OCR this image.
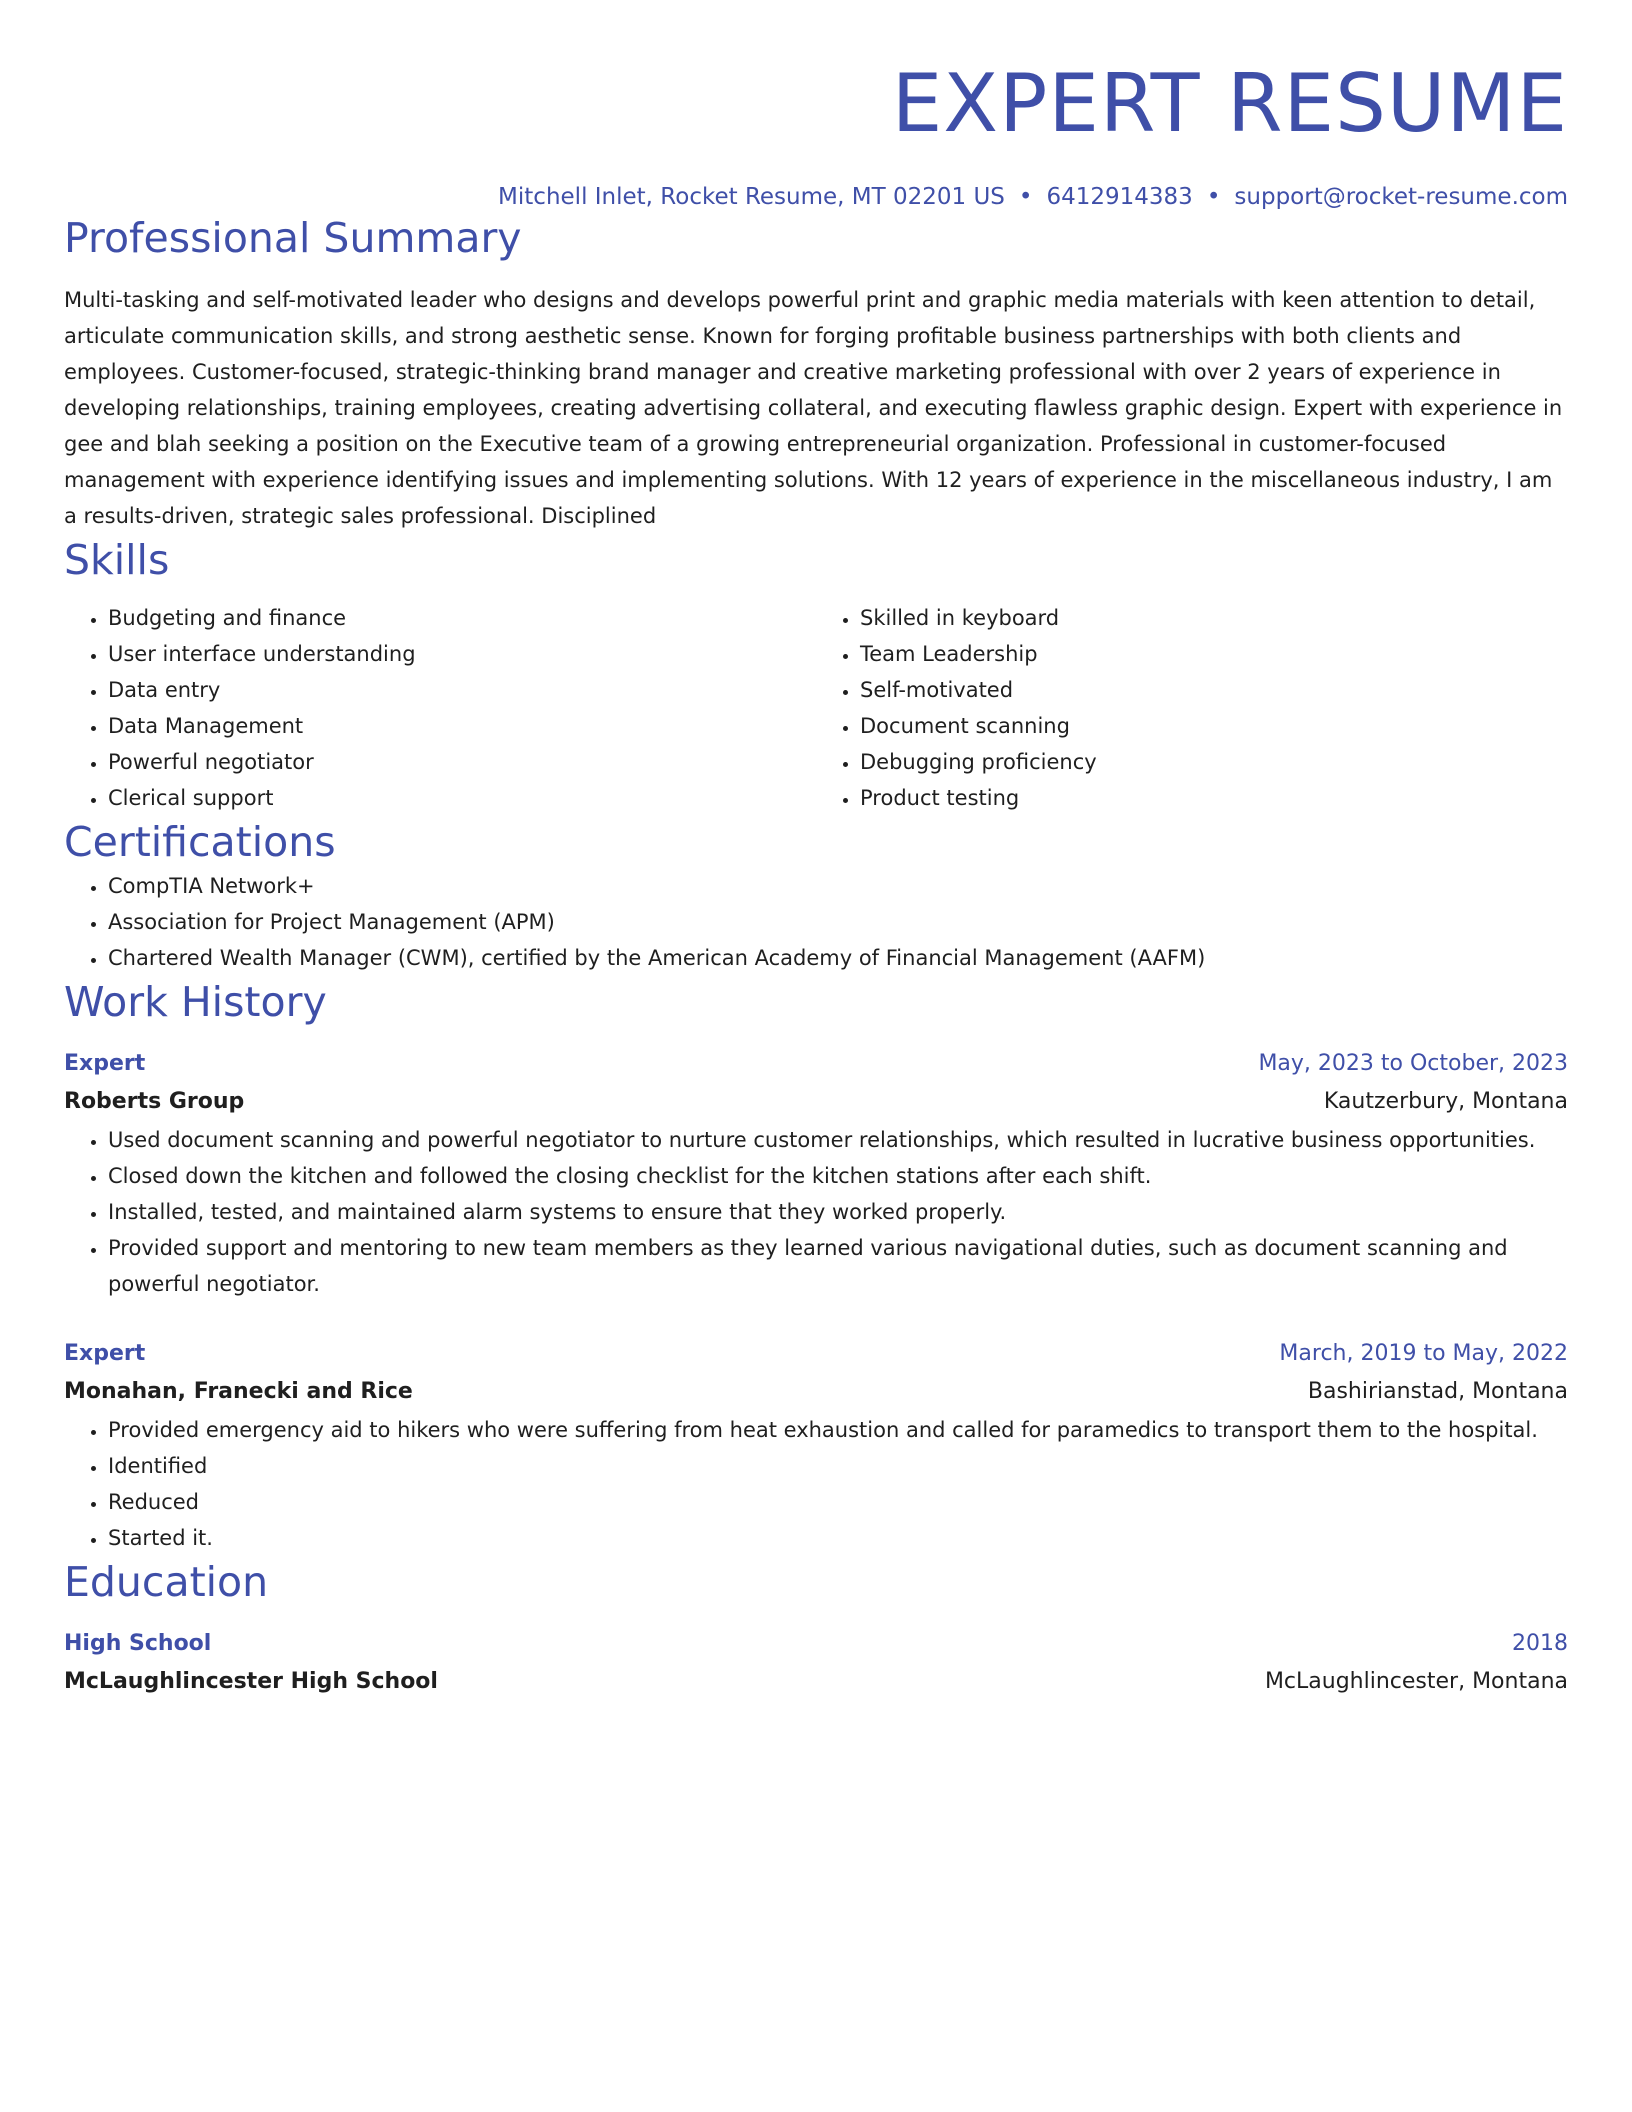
EXPERT RESUME
Mitchell Inlet, Rocket Resume, MT 02201 US • 6412914383 • support@rocket-resume.com
Professional Summary
Multi-tasking and self-motivated leader who designs and develops powerful print and graphic media materials with keen attention to detail, articulate communication skills, and strong aesthetic sense. Known for forging profitable business partnerships with both clients and employees. Customer-focused, strategic-thinking brand manager and creative marketing professional with over 2 years of experience in developing relationships, training employees, creating advertising collateral, and executing flawless graphic design. Expert with experience in gee and blah seeking a position on the Executive team of a growing entrepreneurial organization. Professional in customer-focused management with experience identifying issues and implementing solutions. With 12 years of experience in the miscellaneous industry, I am a results-driven, strategic sales professional. Disciplined
Skills
• Budgeting and finance
• User interface understanding
• Data entry
• Data Management
• Powerful negotiator
• Clerical support
• Skilled in keyboard
• Team Leadership
• Self-motivated
• Document scanning
• Debugging proficiency
• Product testing
Certifications
• CompTIA Network+
• Association for Project Management (APM)
• Chartered Wealth Manager (CWM), certified by the American Academy of Financial Management (AAFM)
Work History
Expert	May, 2023 to October, 2023
Roberts Group	Kautzerbury, Montana
• Used document scanning and powerful negotiator to nurture customer relationships, which resulted in lucrative business opportunities.
• Closed down the kitchen and followed the closing checklist for the kitchen stations after each shift.
• Installed, tested, and maintained alarm systems to ensure that they worked properly.
• Provided support and mentoring to new team members as they learned various navigational duties, such as document scanning and powerful negotiator.
Expert	March, 2019 to May, 2022
Monahan, Franecki and Rice	Bashirianstad, Montana
• Provided emergency aid to hikers who were suffering from heat exhaustion and called for paramedics to transport them to the hospital.
• Identified
• Reduced
• Started it.
Education
High School	2018
McLaughlincester High School	McLaughlincester, Montana
